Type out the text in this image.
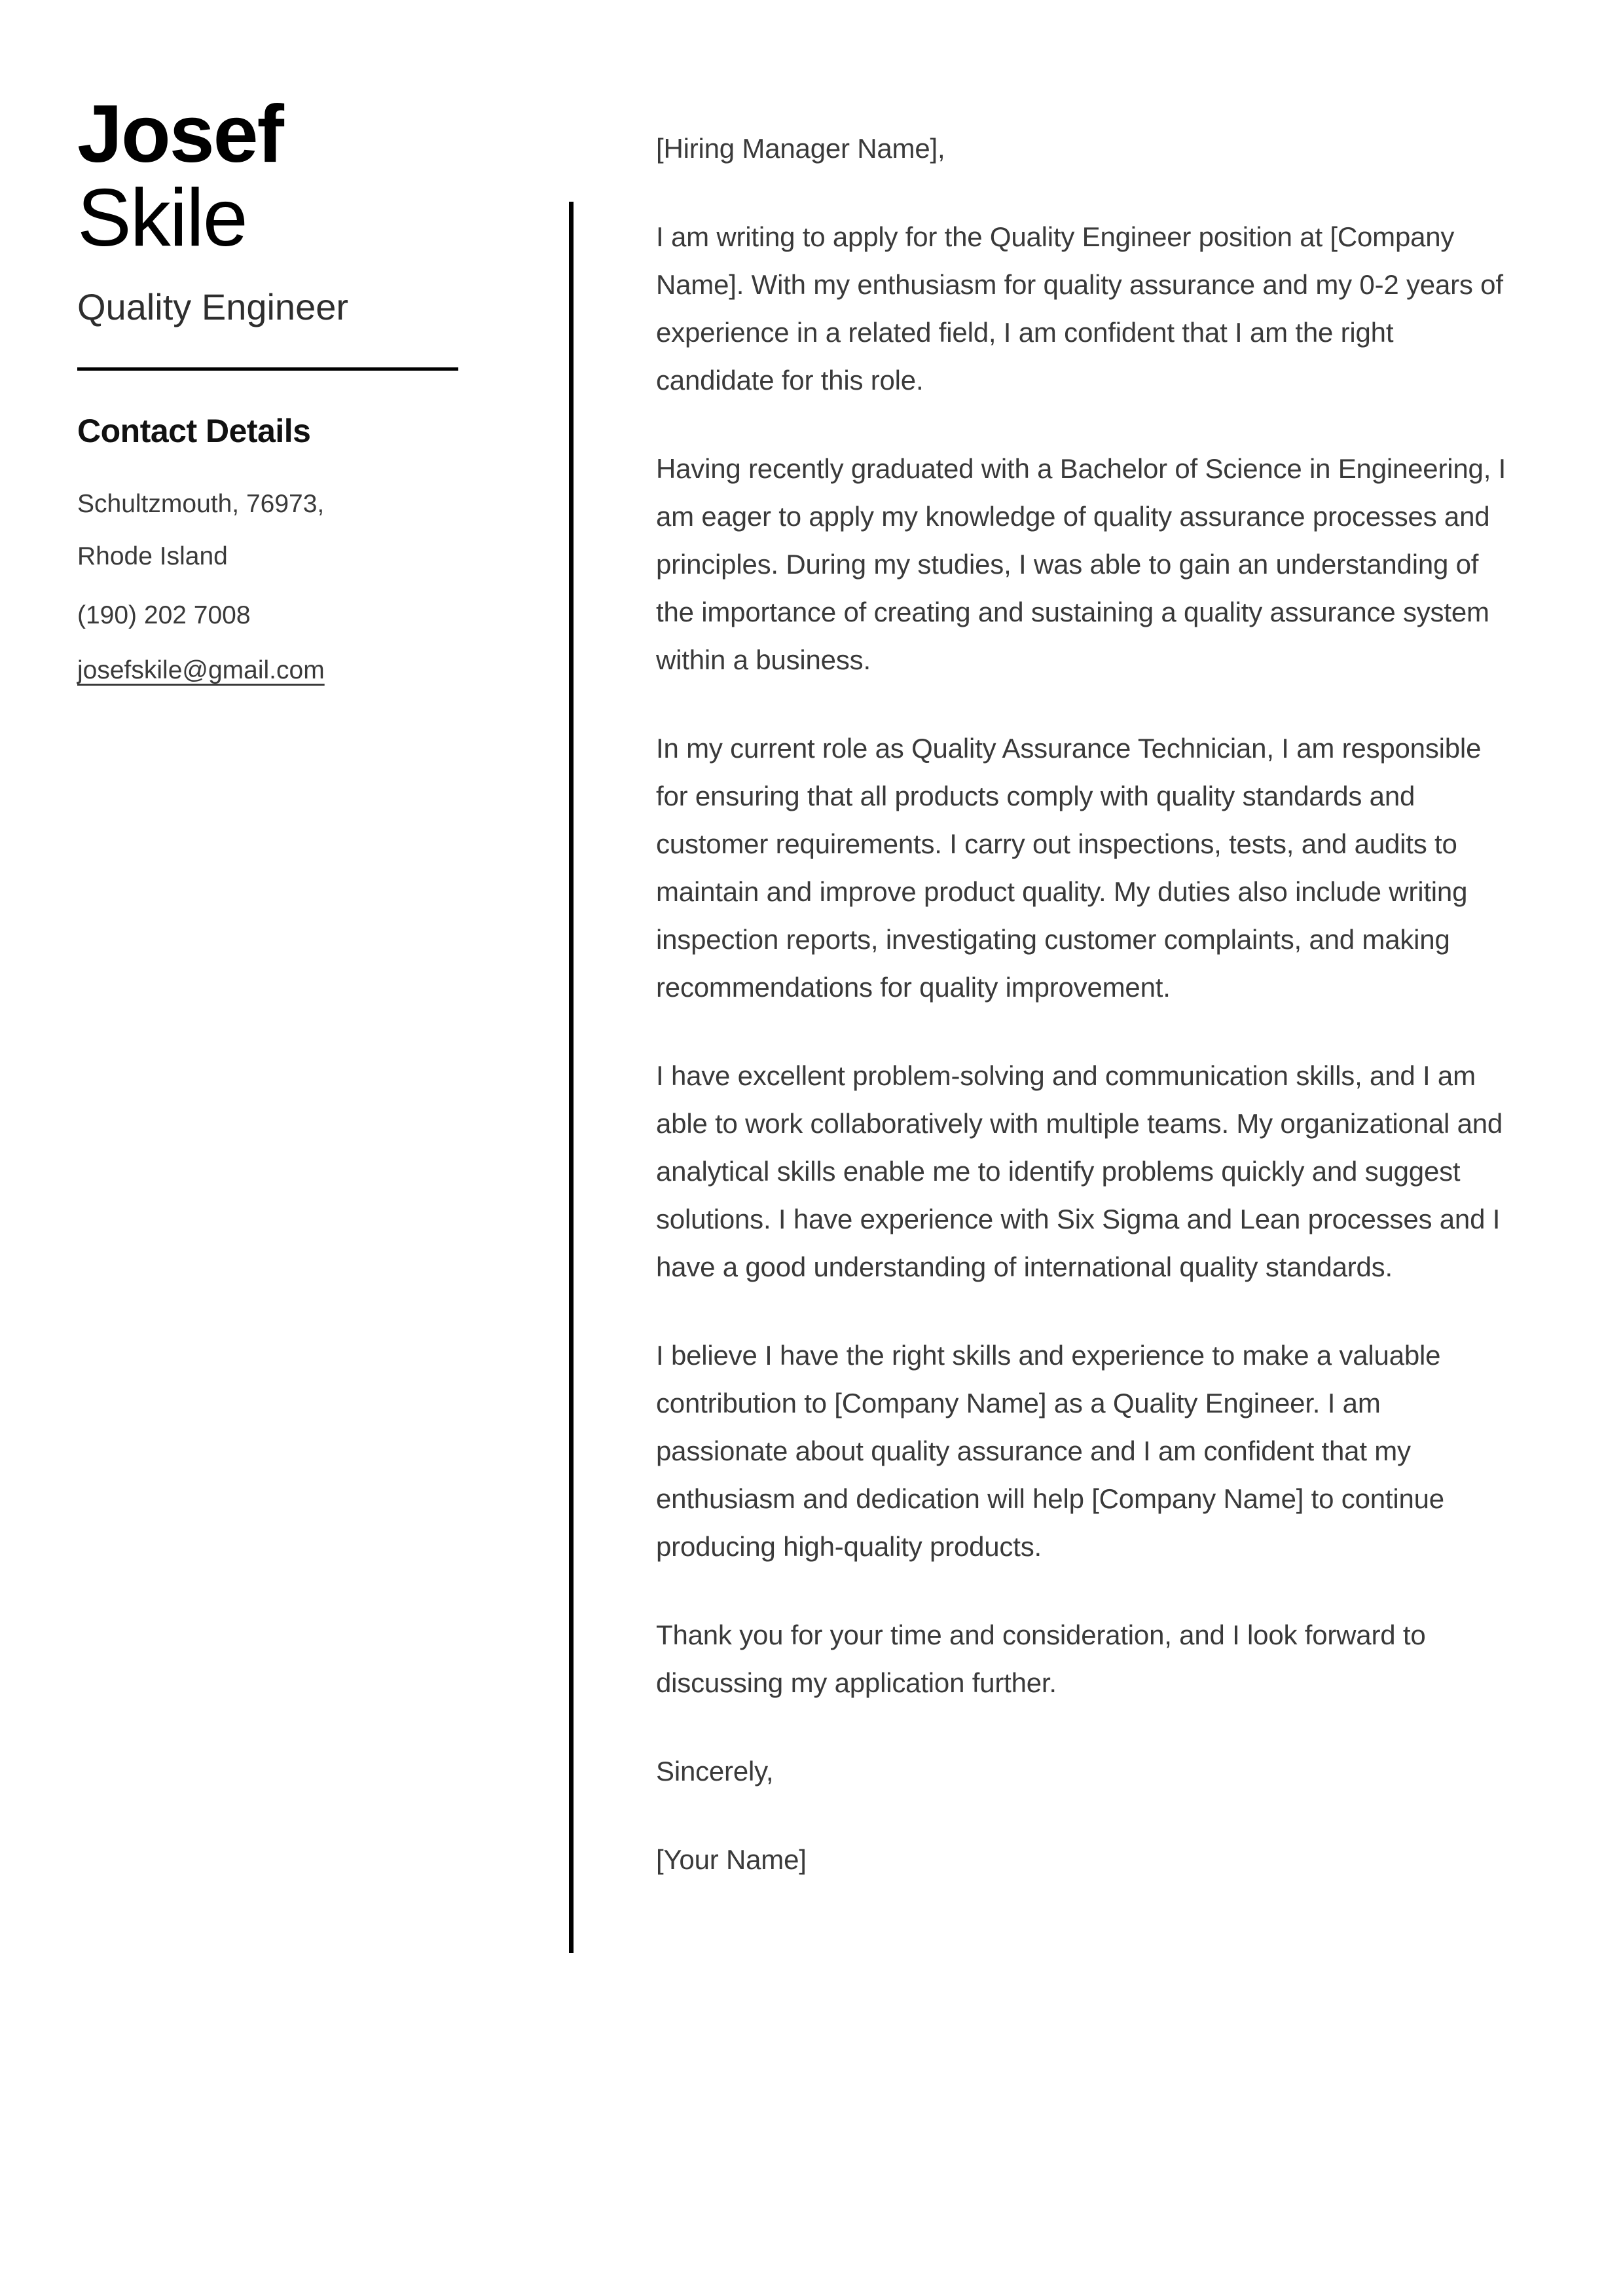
Josef
Skile
Quality Engineer
Contact Details
Schultzmouth, 76973,
Rhode Island
(190) 202 7008
josefskile@gmail.com

[Hiring Manager Name],

I am writing to apply for the Quality Engineer position at [Company Name]. With my enthusiasm for quality assurance and my 0-2 years of experience in a related field, I am confident that I am the right candidate for this role.

Having recently graduated with a Bachelor of Science in Engineering, I am eager to apply my knowledge of quality assurance processes and principles. During my studies, I was able to gain an understanding of the importance of creating and sustaining a quality assurance system within a business.

In my current role as Quality Assurance Technician, I am responsible for ensuring that all products comply with quality standards and customer requirements. I carry out inspections, tests, and audits to maintain and improve product quality. My duties also include writing inspection reports, investigating customer complaints, and making recommendations for quality improvement.

I have excellent problem-solving and communication skills, and I am able to work collaboratively with multiple teams. My organizational and analytical skills enable me to identify problems quickly and suggest solutions. I have experience with Six Sigma and Lean processes and I have a good understanding of international quality standards.

I believe I have the right skills and experience to make a valuable contribution to [Company Name] as a Quality Engineer. I am passionate about quality assurance and I am confident that my enthusiasm and dedication will help [Company Name] to continue producing high-quality products.

Thank you for your time and consideration, and I look forward to discussing my application further.

Sincerely,

[Your Name]
